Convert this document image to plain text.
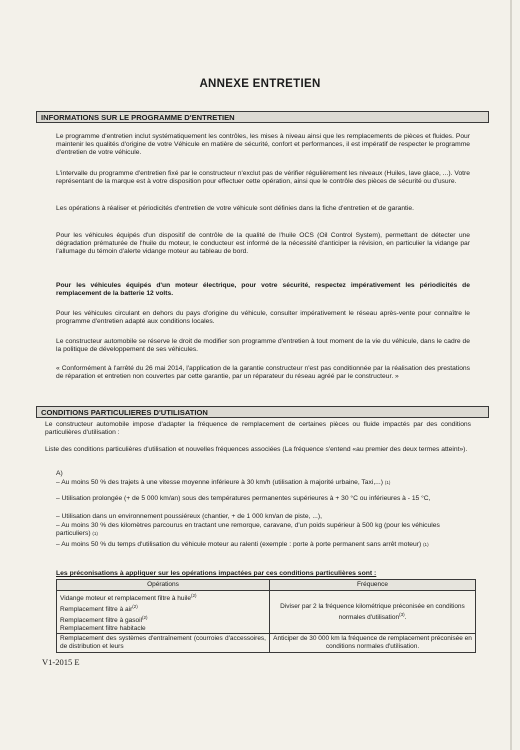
ANNEXE ENTRETIEN
INFORMATIONS SUR LE PROGRAMME D'ENTRETIEN

Le programme d'entretien inclut systématiquement les contrôles, les mises à niveau ainsi que les remplacements de pièces et fluides. Pour maintenir les qualités d'origine de votre Véhicule en matière de sécurité, confort et performances, il est impératif de respecter le programme d'entretien de votre véhicule.

L'intervalle du programme d'entretien fixé par le constructeur n'exclut pas de vérifier régulièrement les niveaux (Huiles, lave glace, ...). Votre représentant de la marque est à votre disposition pour effectuer cette opération, ainsi que le contrôle des pièces de sécurité ou d'usure.

Les opérations à réaliser et périodicités d'entretien de votre véhicule sont définies dans la fiche d'entretien et de garantie.

Pour les véhicules équipés d'un dispositif de contrôle de la qualité de l'huile OCS (Oil Control System), permettant de détecter une dégradation prématurée de l'huile du moteur, le conducteur est informé de la nécessité d'anticiper la révision, en particulier la vidange par l'allumage du témoin d'alerte vidange moteur au tableau de bord.

Pour les véhicules équipés d'un moteur électrique, pour votre sécurité, respectez impérativement les périodicités de remplacement de la batterie 12 volts.

Pour les véhicules circulant en dehors du pays d'origine du véhicule, consulter impérativement le réseau après-vente pour connaître le programme d'entretien adapté aux conditions locales.

Le constructeur automobile se réserve le droit de modifier son programme d'entretien à tout moment de la vie du véhicule, dans le cadre de la politique de développement de ses véhicules.

« Conformément à l'arrêté du 26 mai 2014, l'application de la garantie constructeur n'est pas conditionnée par la réalisation des prestations de réparation et entretien non couvertes par cette garantie, par un réparateur du réseau agréé par le constructeur. »

CONDITIONS PARTICULIERES D'UTILISATION

Le constructeur automobile impose d'adapter la fréquence de remplacement de certaines pièces ou fluide impactés par des conditions particulières d'utilisation :

Liste des conditions particulières d'utilisation et nouvelles fréquences associées (La fréquence s'entend «au premier des deux termes atteint»).

A)
– Au moins 50 % des trajets à une vitesse moyenne inférieure à 30 km/h (utilisation à majorité urbaine, Taxi,...) $^{(1)}$
– Utilisation prolongée (+ de 5 000 km/an) sous des températures permanentes supérieures à + 30 °C ou inférieures à - 15 °C,
– Utilisation dans un environnement poussiéreux (chantier, + de 1 000 km/an de piste, ...),
– Au moins 30 % des kilomètres parcourus en tractant une remorque, caravane, d'un poids supérieur à 500 kg (pour les véhicules particuliers) $^{(1)}$
– Au moins 50 % du temps d'utilisation du véhicule moteur au ralenti (exemple : porte à porte permanent sans arrêt moteur) $^{(1)}$
Les préconisations à appliquer sur les opérations impactées par ces conditions particulières sont :
Opérations	Fréquence

Vidange moteur et remplacement filtre à huile$^{(2)}$
Remplacement filtre à air$^{(2)}$
Remplacement filtre à gasoil$^{(2)}$
Remplacement filtre habitacle	Diviser par 2 la fréquence kilométrique préconisée en conditions normales d'utilisation$^{(3)}$.
Remplacement des systèmes d'entraînement (courroies d'accessoires, de distribution et leurs	Anticiper de 30 000 km la fréquence de remplacement préconisée en conditions normales d'utilisation.
V1-2015 E
